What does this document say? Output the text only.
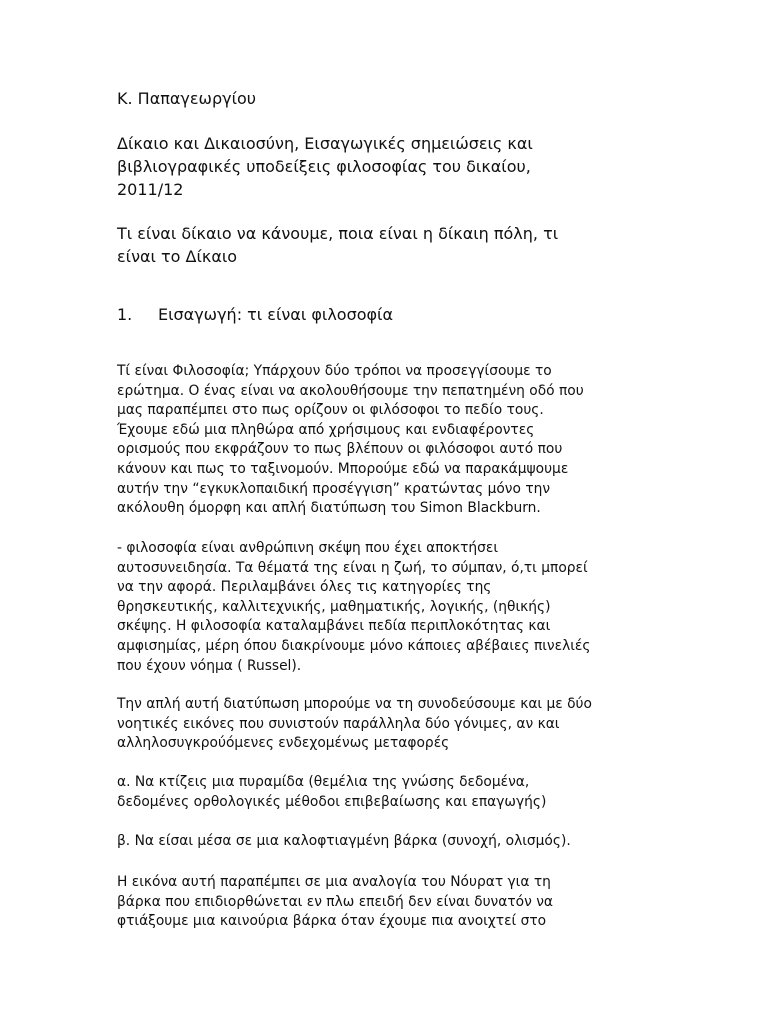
Κ. Παπαγεωργίου
Δίκαιο και Δικαιοσύνη, Εισαγωγικές σημειώσεις και
βιβλιογραφικές υποδείξεις φιλοσοφίας του δικαίου,
2011/12
Τι είναι δίκαιο να κάνουμε, ποια είναι η δίκαιη πόλη, τι
είναι το Δίκαιο
1. Εισαγωγή: τι είναι φιλοσοφία
Τί είναι Φιλοσοφία; Υπάρχουν δύο τρόποι να προσεγγίσουμε το
ερώτημα. Ο ένας είναι να ακολουθήσουμε την πεπατημένη οδό που
μας παραπέμπει στο πως ορίζουν οι φιλόσοφοι το πεδίο τους.
Έχουμε εδώ μια πληθώρα από χρήσιμους και ενδιαφέροντες
ορισμούς που εκφράζουν το πως βλέπουν οι φιλόσοφοι αυτό που
κάνουν και πως το ταξινομούν. Μπορούμε εδώ να παρακάμψουμε
αυτήν την “εγκυκλοπαιδική προσέγγιση” κρατώντας μόνο την
ακόλουθη όμορφη και απλή διατύπωση του Simon Blackburn.
- φιλοσοφία είναι ανθρώπινη σκέψη που έχει αποκτήσει
αυτοσυνειδησία. Τα θέματά της είναι η ζωή, το σύμπαν, ό,τι μπορεί
να την αφορά. Περιλαμβάνει όλες τις κατηγορίες της
θρησκευτικής, καλλιτεχνικής, μαθηματικής, λογικής, (ηθικής)
σκέψης. Η φιλοσοφία καταλαμβάνει πεδία περιπλοκότητας και
αμφισημίας, μέρη όπου διακρίνουμε μόνο κάποιες αβέβαιες πινελιές
που έχουν νόημα ( Russel).
Την απλή αυτή διατύπωση μπορούμε να τη συνοδεύσουμε και με δύο
νοητικές εικόνες που συνιστούν παράλληλα δύο γόνιμες, αν και
αλληλοσυγκρούόμενες ενδεχομένως μεταφορές
α. Να κτίζεις μια πυραμίδα (θεμέλια της γνώσης δεδομένα,
δεδομένες ορθολογικές μέθοδοι επιβεβαίωσης και επαγωγής)
β. Να είσαι μέσα σε μια καλοφτιαγμένη βάρκα (συνοχή, ολισμός).
Η εικόνα αυτή παραπέμπει σε μια αναλογία του Νόυρατ για τη
βάρκα που επιδιορθώνεται εν πλω επειδή δεν είναι δυνατόν να
φτιάξουμε μια καινούρια βάρκα όταν έχουμε πια ανοιχτεί στο
